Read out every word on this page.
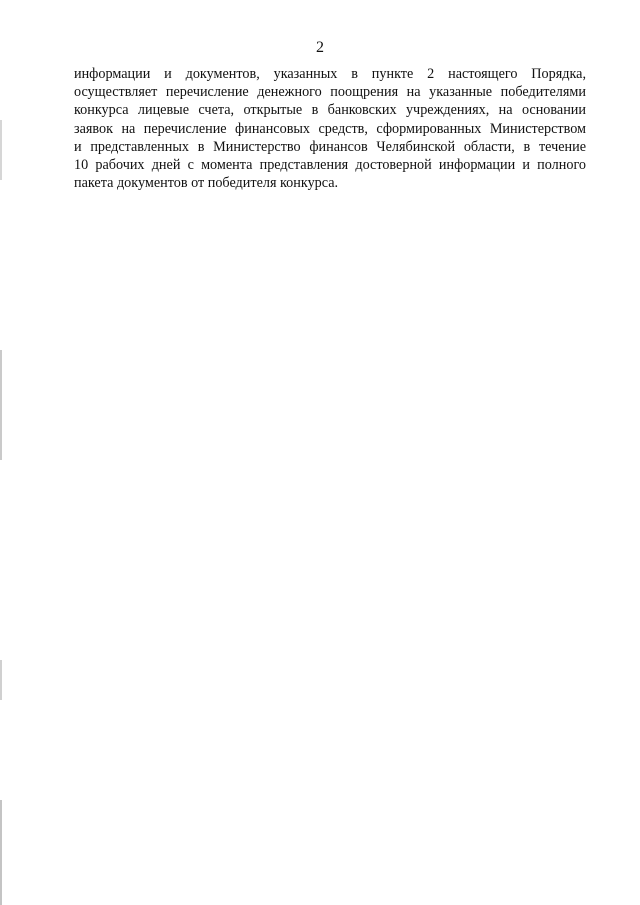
2

информации и документов, указанных в пункте 2 настоящего Порядка,
осуществляет перечисление денежного поощрения на указанные победителями
конкурса лицевые счета, открытые в банковских учреждениях, на основании
заявок на перечисление финансовых средств, сформированных Министерством
и представленных в Министерство финансов Челябинской области, в течение
10 рабочих дней с момента представления достоверной информации и полного
пакета документов от победителя конкурса.
